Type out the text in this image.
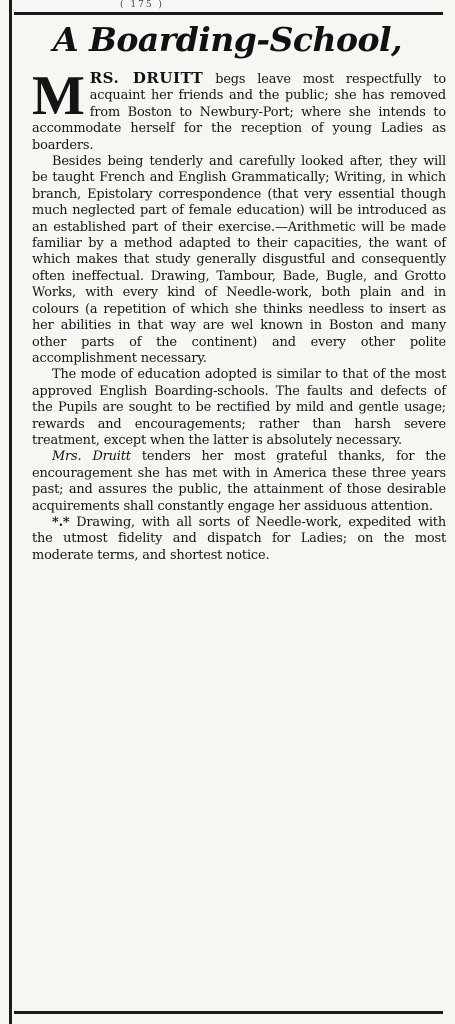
( 175 )
A Boarding-School,

MRS. DRUITT begs leave most respectfully to acquaint her friends and the public; she has removed from Boston to Newbury-Port; where she intends to accommodate herself for the reception of young Ladies as boarders.

Besides being tenderly and carefully looked after, they will be taught French and English Grammatically; Writing, in which branch, Epistolary correspondence (that very essential though much neglected part of female education) will be introduced as an established part of their exercise.—Arithmetic will be made familiar by a method adapted to their capacities, the want of which makes that study generally disgustful and consequently often ineffectual. Drawing, Tambour, Bade, Bugle, and Grotto Works, with every kind of Needle-work, both plain and in colours (a repetition of which she thinks needless to insert as her abilities in that way are wel known in Boston and many other parts of the continent) and every other polite accomplishment necessary.

The mode of education adopted is similar to that of the most approved English Boarding-schools. The faults and defects of the Pupils are sought to be rectified by mild and gentle usage; rewards and encouragements; rather than harsh severe treatment, except when the latter is absolutely necessary.

Mrs. Druitt tenders her most grateful thanks, for the encouragement she has met with in America these three years past; and assures the public, the attainment of those desirable acquirements shall constantly engage her assiduous attention.

*.* Drawing, with all sorts of Needle-work, expedited with the utmost fidelity and dispatch for Ladies; on the most moderate terms, and shortest notice.
